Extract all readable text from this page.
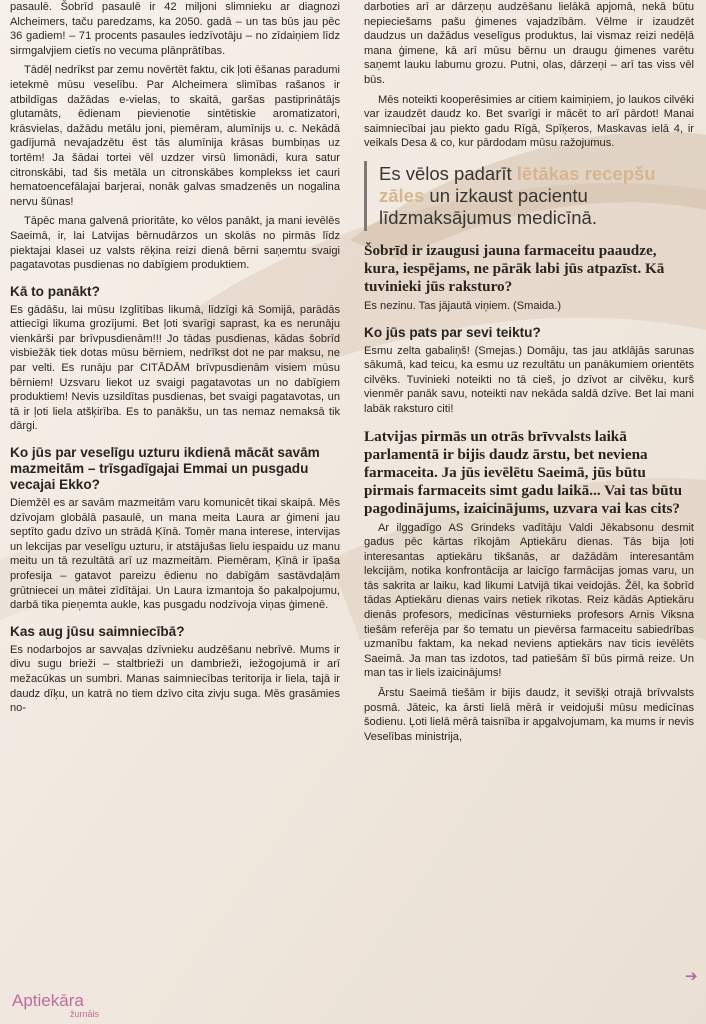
pasaulē. Šobrīd pasaulē ir 42 miljoni slimnieku ar diagnozi Alcheimers, taču paredzams, ka 2050. gadā – un tas būs jau pēc 36 gadiem! – 71 procents pasaules iedzīvotāju – no zīdaiņiem līdz sirmgalvjiem cietīs no vecuma plānprātības.

Tādēļ nedrīkst par zemu novērtēt faktu, cik ļoti ēšanas paradumi ietekmē mūsu veselību. Par Alcheimera slimības rašanos ir atbildīgas dažādas e-vielas, to skaitā, garšas pastiprinātājs glutamāts, ēdienam pievienotie sintētiskie aromatizatori, krāsvielas, dažādu metālu joni, piemēram, alumīnijs u. c. Nekādā gadījumā nevajadzētu ēst tās alumīnija krāsas bumbiņas uz tortēm! Ja šādai tortei vēl uzdzer virsū limonādi, kura satur citronskābi, tad šis metāla un citronskābes komplekss iet cauri hematoencefālajai barjerai, nonāk galvas smadzenēs un nogalina nervu šūnas!

Tāpēc mana galvenā prioritāte, ko vēlos panākt, ja mani ievēlēs Saeimā, ir, lai Latvijas bērnudārzos un skolās no pirmās līdz piektajai klasei uz valsts rēķina reizi dienā bērni saņemtu svaigi pagatavotas pusdienas no dabīgiem produktiem.

Kā to panākt?

Es gādāšu, lai mūsu Izglītības likumā, līdzīgi kā Somijā, parādās attiecīgi likuma grozījumi. Bet ļoti svarīgi saprast, ka es nerunāju vienkārši par brīvpusdienām!!! Jo tādas pusdienas, kādas šobrīd visbiežāk tiek dotas mūsu bērniem, nedrīkst dot ne par maksu, ne par velti. Es runāju par CITĀDĀM brīvpusdienām visiem mūsu bērniem! Uzsvaru liekot uz svaigi pagatavotas un no dabīgiem produktiem! Nevis uzsildītas pusdienas, bet svaigi pagatavotas, un tā ir ļoti liela atšķirība. Es to panākšu, un tas nemaz nemaksā tik dārgi.

Ko jūs par veselīgu uzturu ikdienā mācāt savām mazmeitām – trīsgadīgajai Emmai un pusgadu vecajai Ekko?

Diemžēl es ar savām mazmeitām varu komunicēt tikai skaipā. Mēs dzīvojam globālā pasaulē, un mana meita Laura ar ģimeni jau septīto gadu dzīvo un strādā Ķīnā. Tomēr mana interese, intervijas un lekcijas par veselīgu uzturu, ir atstājušas lielu iespaidu uz manu meitu un tā rezultātā arī uz mazmeitām. Piemēram, Ķīnā ir īpaša profesija – gatavot pareizu ēdienu no dabīgām sastāvdaļām grūtniecei un mātei zīdītājai. Un Laura izmantoja šo pakalpojumu, darbā tika pieņemta aukle, kas pusgadu nodzīvoja viņas ģimenē.

Kas aug jūsu saimniecībā?

Es nodarbojos ar savvaļas dzīvnieku audzēšanu nebrīvē. Mums ir divu sugu brieži – staltbrieži un dambrieži, iežogojumā ir arī mežacūkas un sumbri. Manas saimniecības teritorija ir liela, tajā ir daudz dīķu, un katrā no tiem dzīvo cita zivju suga. Mēs grasāmies no-

darboties arī ar dārzeņu audzēšanu lielākā apjomā, nekā būtu nepieciešams pašu ģimenes vajadzībām. Vēlme ir izaudzēt daudzus un dažādus veselīgus produktus, lai vismaz reizi nedēļā mana ģimene, kā arī mūsu bērnu un draugu ģimenes varētu saņemt lauku labumu grozu. Putni, olas, dārzeņi – arī tas viss vēl būs.

Mēs noteikti kooperēsimies ar citiem kaimiņiem, jo laukos cilvēki var izaudzēt daudz ko. Bet svarīgi ir mācēt to arī pārdot! Manai saimniecībai jau piekto gadu Rīgā, Spīķeros, Maskavas ielā 4, ir veikals Desa & co, kur pārdodam mūsu ražojumus.

Es vēlos padarīt lētākas recepšu zāles un izkaust pacientu līdzmaksājumus medicīnā.
Šobrīd ir izaugusi jauna farmaceitu paaudze, kura, iespējams, ne pārāk labi jūs atpazīst. Kā tuvinieki jūs raksturo?

Es nezinu. Tas jājautā viņiem. (Smaida.)

Ko jūs pats par sevi teiktu?

Esmu zelta gabaliņš! (Smejas.) Domāju, tas jau atklājās sarunas sākumā, kad teicu, ka esmu uz rezultātu un panākumiem orientēts cilvēks. Tuvinieki noteikti no tā cieš, jo dzīvot ar cilvēku, kurš vienmēr panāk savu, noteikti nav nekāda saldā dzīve. Bet lai mani labāk raksturo citi!

Latvijas pirmās un otrās brīvvalsts laikā parlamentā ir bijis daudz ārstu, bet neviena farmaceita. Ja jūs ievēlētu Saeimā, jūs būtu pirmais farmaceits simt gadu laikā... Vai tas būtu pagodinājums, izaicinājums, uzvara vai kas cits?

Ar ilggadīgo AS Grindeks vadītāju Valdi Jēkabsonu desmit gadus pēc kārtas rīkojām Aptiekāru dienas. Tās bija ļoti interesantas aptiekāru tikšanās, ar dažādām interesantām lekcijām, notika konfrontācija ar laicīgo farmācijas jomas varu, un tās sakrita ar laiku, kad likumi Latvijā tikai veidojās. Žēl, ka šobrīd tādas Aptiekāru dienas vairs netiek rīkotas. Reiz kādās Aptiekāru dienās profesors, medicīnas vēsturnieks profesors Arnis Viksna tiešām referēja par šo tematu un pievērsa farmaceitu sabiedrības uzmanību faktam, ka nekad neviens aptiekārs nav ticis ievēlēts Saeimā. Ja man tas izdotos, tad patiešām šī būs pirmā reize. Un man tas ir liels izaicinājums!

Ārstu Saeimā tiešām ir bijis daudz, it sevišķi otrajā brīvvalsts posmā. Jāteic, ka ārsti lielā mērā ir veidojuši mūsu medicīnas šodienu. Ļoti lielā mērā taisnība ir apgalvojumam, ka mums ir nevis Veselības ministrija,

➔
Aptiekāra
žurnāls
